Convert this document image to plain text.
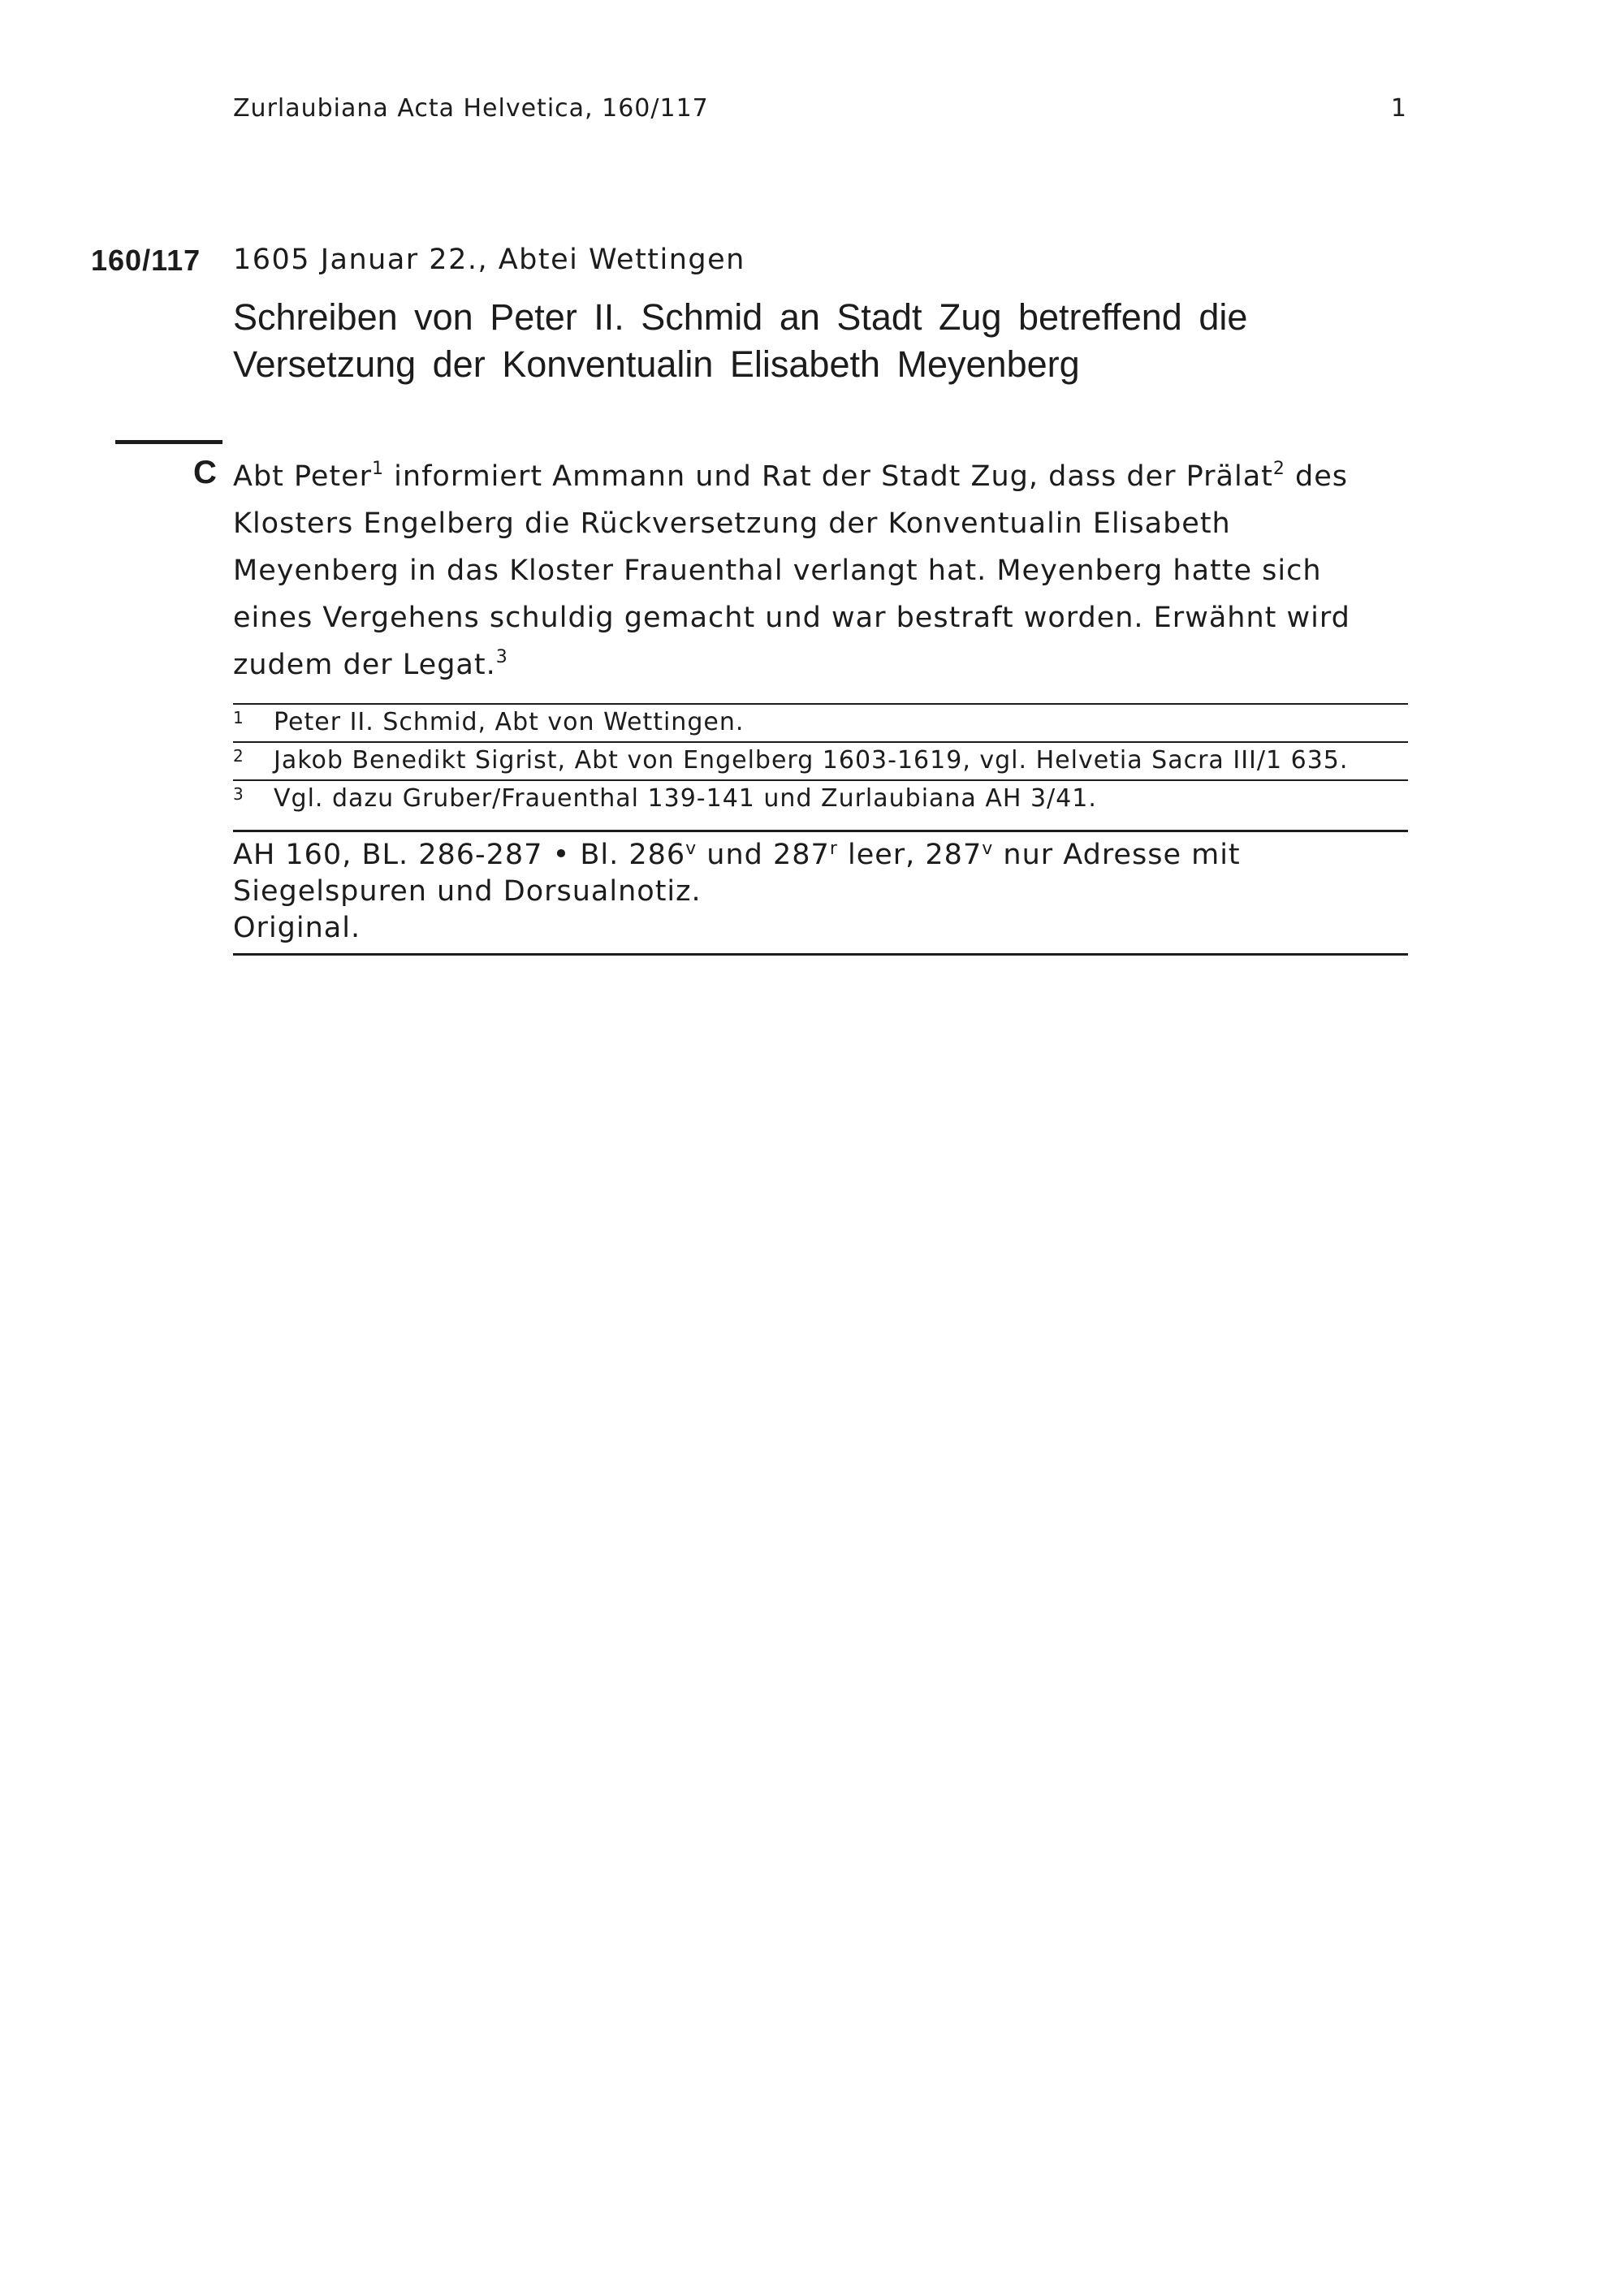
Zurlaubiana Acta Helvetica, 160/117	1
160/117 1605 Januar 22., Abtei Wettingen
Schreiben von Peter II. Schmid an Stadt Zug betreffend die
Versetzung der Konventualin Elisabeth Meyenberg
C Abt Peter$^1$ informiert Ammann und Rat der Stadt Zug, dass der Prälat$^2$ des Klosters Engelberg die Rückversetzung der Konventualin Elisabeth Meyenberg in das Kloster Frauenthal verlangt hat. Meyenberg hatte sich eines Vergehens schuldig gemacht und war bestraft worden. Erwähnt wird zudem der Legat.$^3$

1	Peter II. Schmid, Abt von Wettingen.
2	Jakob Benedikt Sigrist, Abt von Engelberg 1603-1619, vgl. Helvetia Sacra III/1 635.
3	Vgl. dazu Gruber/Frauenthal 139-141 und Zurlaubiana AH 3/41.
AH 160, BL. 286-287 • Bl. 286$^v$ und 287$^r$ leer, 287$^v$ nur Adresse mit Siegelspuren und Dorsualnotiz.
Original.
